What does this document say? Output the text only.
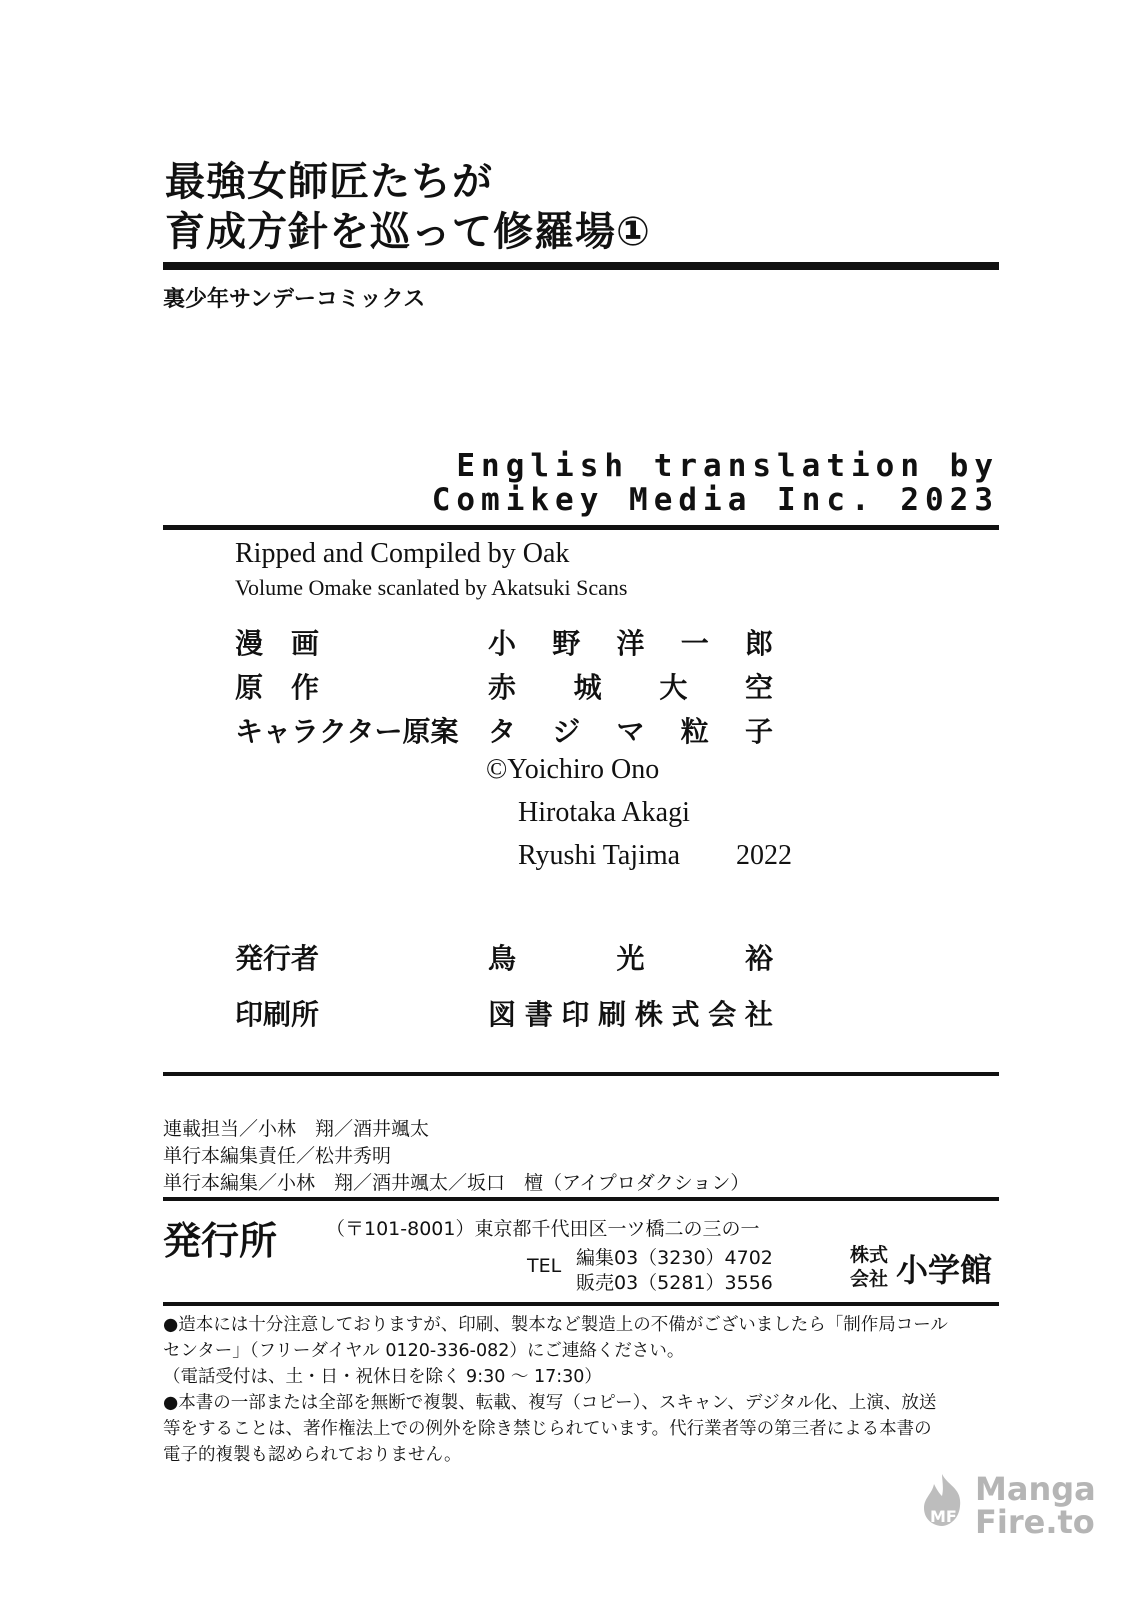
最強女師匠たちが
育成方針を巡って修羅場①
裏少年サンデーコミックス
English translation by
Comikey Media Inc. 2023
Ripped and Compiled by Oak
Volume Omake scanlated by Akatsuki Scans
漫　画	小 野 洋 一 郎
原　作	赤 城 大 空
キャラクター原案 タ ジ マ 粒 子
©Yoichiro Ono
Hirotaka Akagi
Ryushi Tajima 2022
発行者	鳥	光	裕
印刷所	図 書 印 刷 株 式 会 社
連載担当／小林　翔／酒井颯太
単行本編集責任／松井秀明
単行本編集／小林　翔／酒井颯太／坂口　檀（アイプロダクション）
発行所	（〒101-8001）東京都千代田区一ツ橋二の三の一
TEL 編集03（3230）4702
販売03（5281）3556
株式
会社 小学館
●造本には十分注意しておりますが、印刷、製本など製造上の不備がございましたら「制作局コール
センター」（フリーダイヤル 0120-336-082）にご連絡ください。
（電話受付は、土・日・祝休日を除く 9:30 ～ 17:30）
●本書の一部または全部を無断で複製、転載、複写（コピー）、スキャン、デジタル化、上演、放送
等をすることは、著作権法上での例外を除き禁じられています。代行業者等の第三者による本書の
電子的複製も認められておりません。
MF
Manga
Fire.to
